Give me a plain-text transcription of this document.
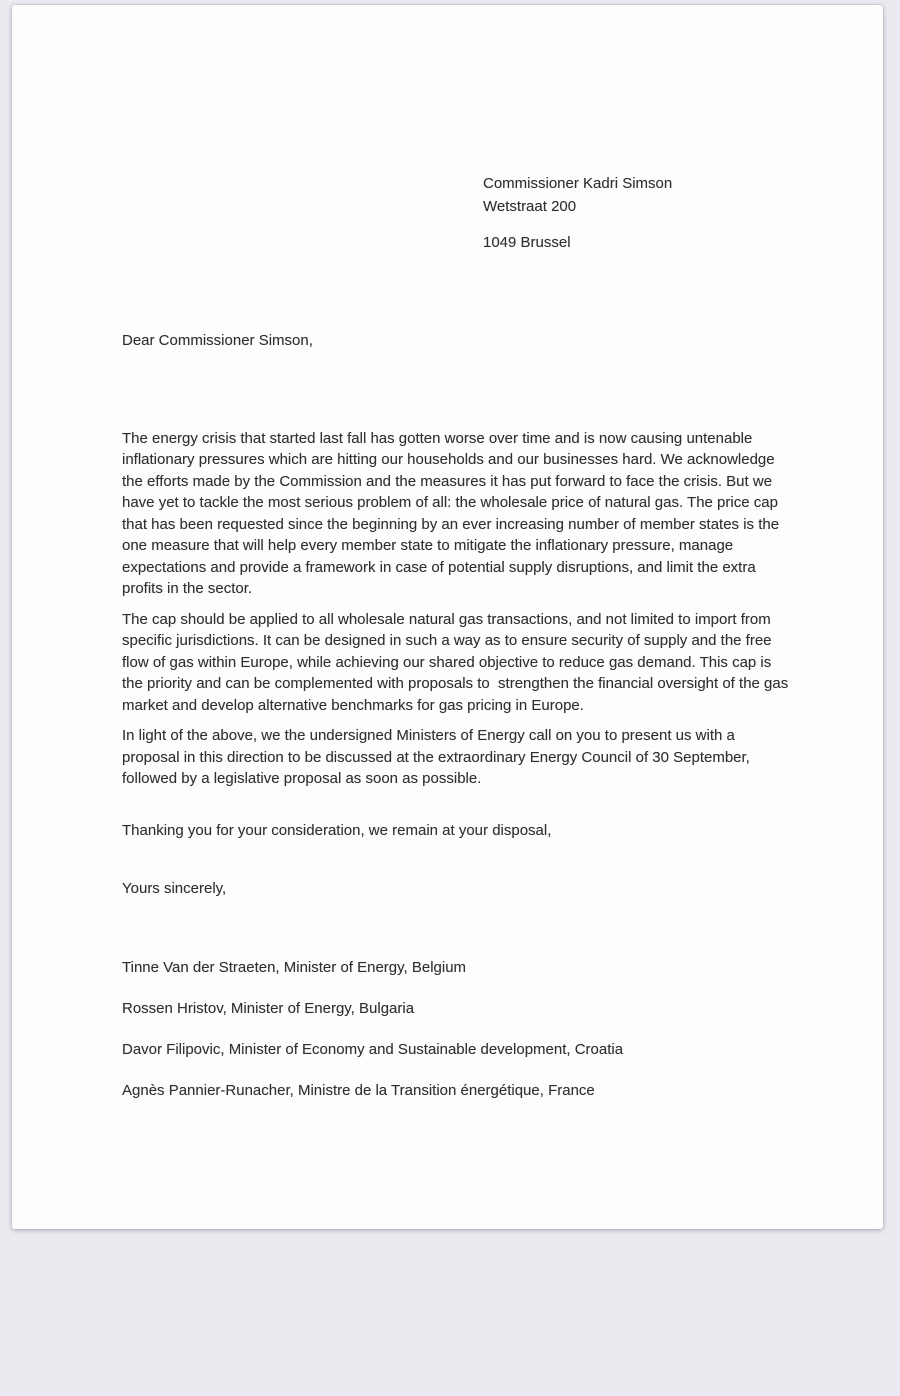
Commissioner Kadri Simson
Wetstraat 200
1049 Brussel

Dear Commissioner Simson,

The energy crisis that started last fall has gotten worse over time and is now causing untenable inflationary pressures which are hitting our households and our businesses hard. We acknowledge the efforts made by the Commission and the measures it has put forward to face the crisis. But we have yet to tackle the most serious problem of all: the wholesale price of natural gas. The price cap that has been requested since the beginning by an ever increasing number of member states is the one measure that will help every member state to mitigate the inflationary pressure, manage expectations and provide a framework in case of potential supply disruptions, and limit the extra profits in the sector.

The cap should be applied to all wholesale natural gas transactions, and not limited to import from specific jurisdictions. It can be designed in such a way as to ensure security of supply and the free flow of gas within Europe, while achieving our shared objective to reduce gas demand. This cap is the priority and can be complemented with proposals to  strengthen the financial oversight of the gas market and develop alternative benchmarks for gas pricing in Europe.

In light of the above, we the undersigned Ministers of Energy call on you to present us with a proposal in this direction to be discussed at the extraordinary Energy Council of 30 September, followed by a legislative proposal as soon as possible.

Thanking you for your consideration, we remain at your disposal,

Yours sincerely,

Tinne Van der Straeten, Minister of Energy, Belgium

Rossen Hristov, Minister of Energy, Bulgaria

Davor Filipovic, Minister of Economy and Sustainable development, Croatia

Agnès Pannier-Runacher, Ministre de la Transition énergétique, France
